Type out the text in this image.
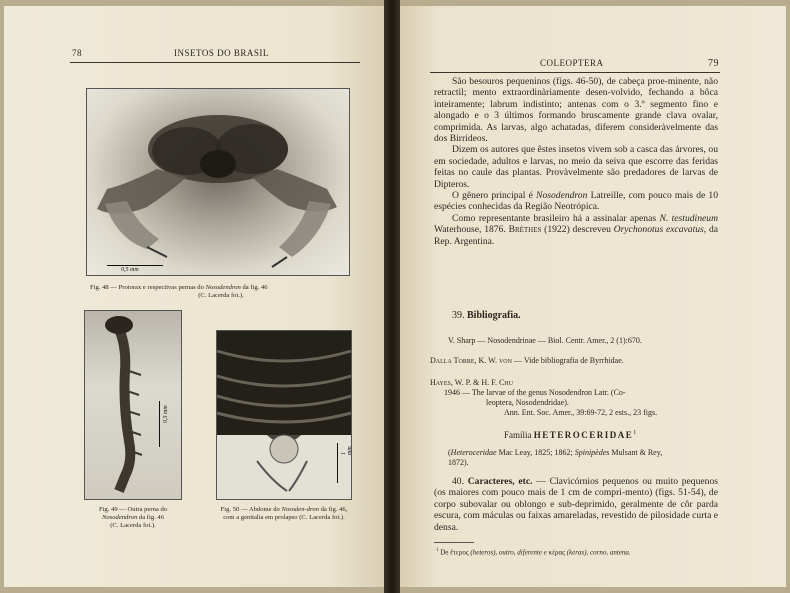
78	INSETOS DO BRASIL
0,5 mm
Fig. 48 — Protorax e respectivas pernas do Nosodendron da fig. 46
(C. Lacerda fot.).
0,5 mm
Fig. 49 — Outra perna do
Nosodendron da fig. 46
(C. Lacerda fot.).
1 mm
Fig. 50 — Abdome do Nosoden-dron da fig. 46, com a genitalia em prolapso (C. Lacerda fot.).
COLEOPTERA	79

São besouros pequeninos (figs. 46-50), de cabeça proe-minente, não retractil; mento extraordinàriamente desen-volvido, fechando a bôca inteiramente; labrum indistinto; antenas com o 3.º segmento fino e alongado e o 3 últimos formando bruscamente grande clava ovalar, comprimida. As larvas, algo achatadas, diferem consideràvelmente das dos Birrídeos.

Dizem os autores que êstes insetos vivem sob a casca das árvores, ou em sociedade, adultos e larvas, no meio da seiva que escorre das feridas feitas no caule das plantas. Provàvelmente são predadores de larvas de Dipteros.

O gênero principal é Nosodendron Latreille, com pouco mais de 10 espécies conhecidas da Região Neotrópica.

Como representante brasileiro há a assinalar apenas N. testudineum Waterhouse, 1876. Brèthes (1922) descreveu Orychonotus excavatus, da Rep. Argentina.

39. Bibliografia.
V. Sharp — Nosodendrinae — Biol. Centr. Amer., 2 (1):670.
Dalla Torre, K. W. von — Vide bibliografia de Byrrhidae.
Hayes, W. P. & H. F. Chu
1946 — The larvae of the genus Nosodendron Latr. (Co-
leoptera, Nosodendridae).
Ann. Ent. Soc. Amer., 39:69-72, 2 ests., 23 figs.
Família HETEROCERIDAE$^1$
(Heteroceridae Mac Leay, 1825; 1862; Spinipèdes Mulsant & Rey,
1872).

40. Caracteres, etc. — Clavicórnios pequenos ou muito pequenos (os maiores com pouco mais de 1 cm de compri-mento) (figs. 51-54), de corpo subovalar ou oblongo e sub-deprimido, geralmente de côr parda escura, com máculas ou faixas amareladas, revestido de pilosidade curta e densa.

$^1$ De ἕτερος (heteros), outro, diferente e κέρας (keras), corno, antena.
